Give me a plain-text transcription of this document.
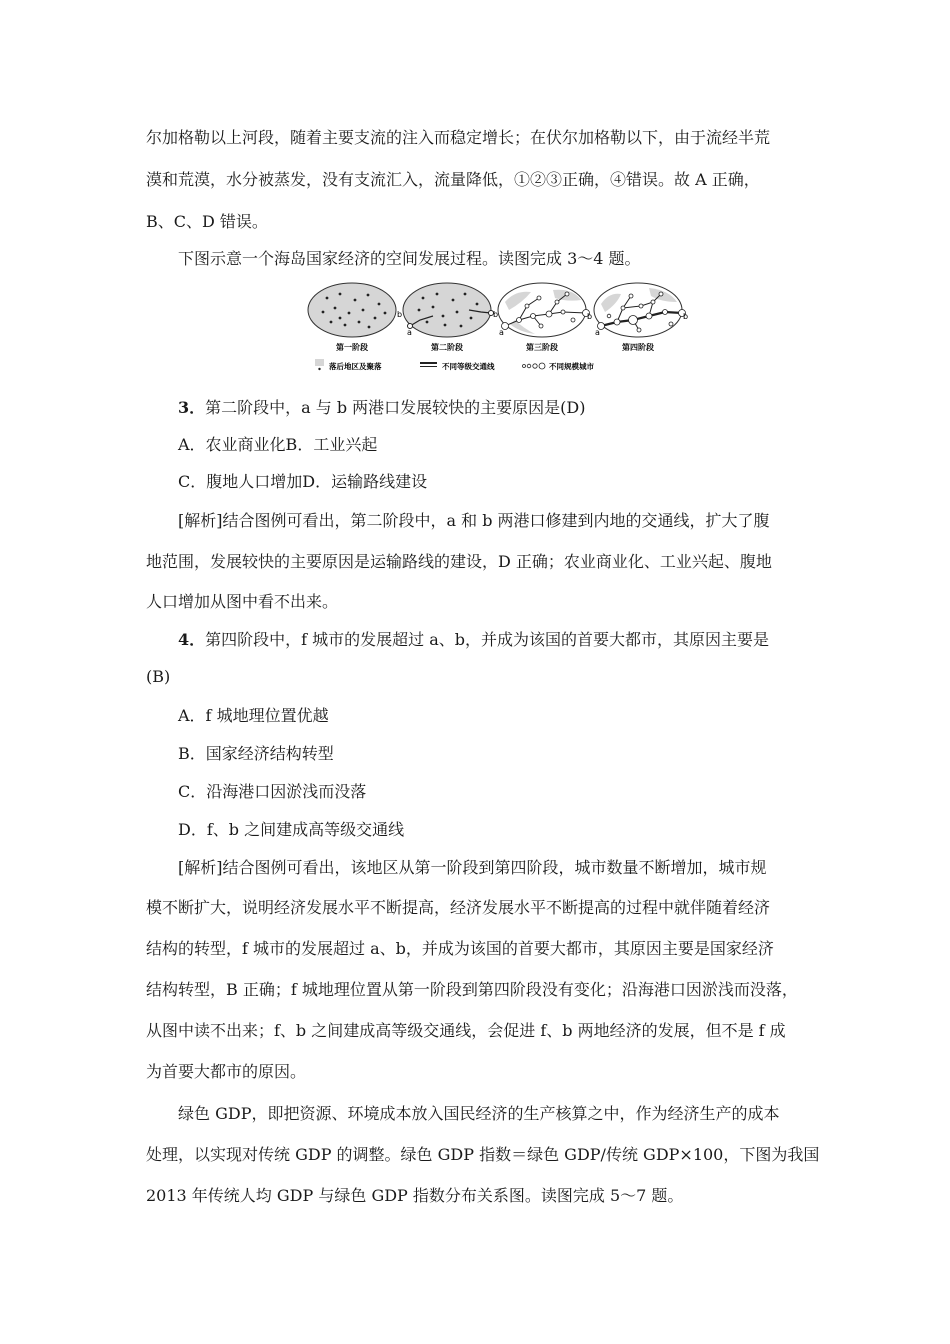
尔加格勒以上河段，随着主要支流的注入而稳定增长；在伏尔加格勒以下，由于流经半荒
漠和荒漠，水分被蒸发，没有支流汇入，流量降低，①②③正确，④错误。故 A 正确，
B、C、D 错误。
下图示意一个海岛国家经济的空间发展过程。读图完成 3～4 题。
b	b	b	b
a	a	a
第一阶段	第二阶段	第三阶段	第四阶段
落后地区及聚落	不同等级交通线	不同规模城市
3．第二阶段中，a 与 b 两港口发展较快的主要原因是(D)
A．农业商业化B．工业兴起
C．腹地人口增加D．运输路线建设
[解析]结合图例可看出，第二阶段中，a 和 b 两港口修建到内地的交通线，扩大了腹
地范围，发展较快的主要原因是运输路线的建设，D 正确；农业商业化、工业兴起、腹地
人口增加从图中看不出来。
4．第四阶段中，f 城市的发展超过 a、b，并成为该国的首要大都市，其原因主要是
(B)
A．f 城地理位置优越
B．国家经济结构转型
C．沿海港口因淤浅而没落
D．f、b 之间建成高等级交通线
[解析]结合图例可看出，该地区从第一阶段到第四阶段，城市数量不断增加，城市规
模不断扩大，说明经济发展水平不断提高，经济发展水平不断提高的过程中就伴随着经济
结构的转型，f 城市的发展超过 a、b，并成为该国的首要大都市，其原因主要是国家经济
结构转型，B 正确；f 城地理位置从第一阶段到第四阶段没有变化；沿海港口因淤浅而没落，
从图中读不出来；f、b 之间建成高等级交通线，会促进 f、b 两地经济的发展，但不是 f 成
为首要大都市的原因。
绿色 GDP，即把资源、环境成本放入国民经济的生产核算之中，作为经济生产的成本
处理，以实现对传统 GDP 的调整。绿色 GDP 指数＝绿色 GDP/传统 GDP×100，下图为我国
2013 年传统人均 GDP 与绿色 GDP 指数分布关系图。读图完成 5～7 题。
